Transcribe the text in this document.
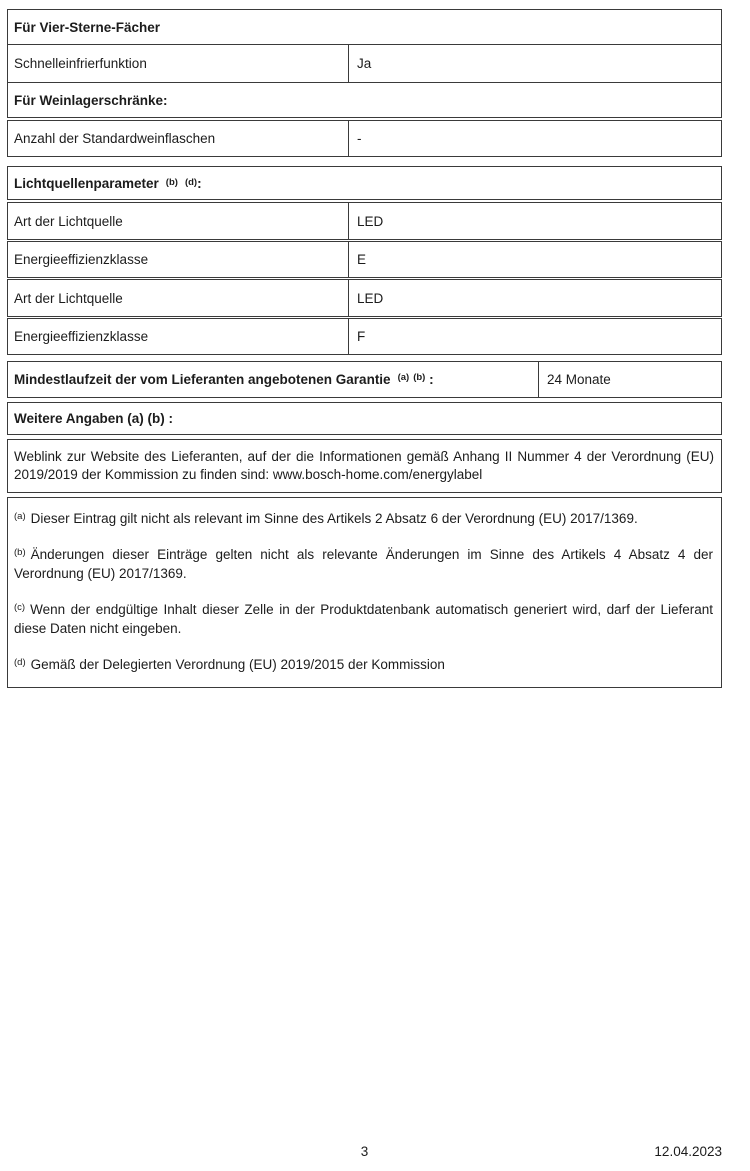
Für Vier-Sterne-Fächer
Schnelleinfrierfunktion	Ja
Für Weinlagerschränke:
Anzahl der Standardweinflaschen	-
Lichtquellenparameter (b) (d) :
Art der Lichtquelle	LED
Energieeffizienzklasse	E
Art der Lichtquelle	LED
Energieeffizienzklasse	F
Mindestlaufzeit der vom Lieferanten angebotenen Garantie $^{(a)}$ $^{(b)}$ :	24 Monate
Weitere Angaben (a) (b) :

Weblink zur Website des Lieferanten, auf der die Informationen gemäß Anhang II Nummer 4 der Verordnung (EU) 2019/2019 der Kommission zu finden sind: www.bosch-home.com/energylabel

$^{(a)}$ Dieser Eintrag gilt nicht als relevant im Sinne des Artikels 2 Absatz 6 der Verordnung (EU) 2017/1369.

$^{(b)}$ Änderungen dieser Einträge gelten nicht als relevante Änderungen im Sinne des Artikels 4 Absatz 4 der Verordnung (EU) 2017/1369.

$^{(c)}$ Wenn der endgültige Inhalt dieser Zelle in der Produktdatenbank automatisch generiert wird, darf der Lieferant diese Daten nicht eingeben.

$^{(d)}$ Gemäß der Delegierten Verordnung (EU) 2019/2015 der Kommission

3	12.04.2023
